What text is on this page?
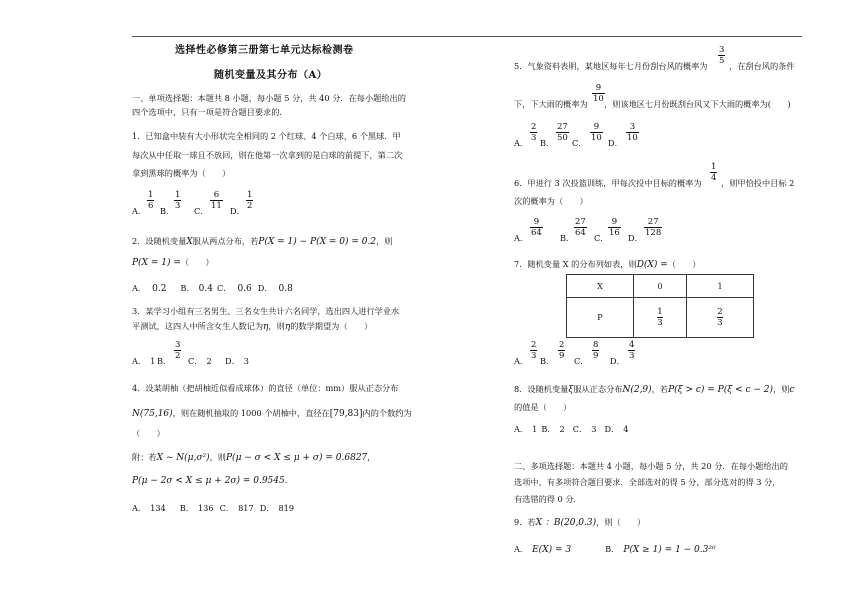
选择性必修第三册第七单元达标检测卷
随机变量及其分布（A）
一、单项选择题：本题共 8 小题，每小题 5 分，共 40 分．在每小题给出的
四个选项中，只有一项是符合题目要求的．
1．已知盒中装有大小形状完全相同的 2 个红球、4 个白球、6 个黑球．甲
每次从中任取一球且不放回，则在他第一次拿到的是白球的前提下，第二次
拿到黑球的概率为（　　）
A．
1
6 B．
1
3 C．
6
11 D．
1
2
2．设随机变量X服从两点分布，若P(X = 1) − P(X = 0) = 0.2，则
P(X = 1) =（　　）
A． 0.2 B． 0.4 C． 0.6 D． 0.8
3．某学习小组有三名男生、三名女生共计六名同学，选出四人进行学业水
平测试，这四人中所含女生人数记为η，则η的数学期望为（　　）
A． 1 B．
3
2 C． 2 D． 3
4．设某胡柚（把胡柚近似看成球体）的直径（单位：mm）服从正态分布
N(75,16)，则在随机抽取的 1000 个胡柚中，直径在[79,83]内的个数约为
（　　）
附：若X ~ N(μ,σ²)，则P(μ − σ < X ≤ μ + σ) = 0.6827，
P(μ − 2σ < X ≤ μ + 2σ) = 0.9545．
A． 134 B． 136 C． 817 D． 819
5．气象资料表明，某地区每年七月份刮台风的概率为
3
5 ，在刮台风的条件
下，下大雨的概率为
9
10 ，则该地区七月份既刮台风又下大雨的概率为(　　)
A．
2
3 B．
27
50 C．
9
10 D．
3
10
6．甲进行 3 次投篮训练，甲每次投中目标的概率为
1
4 ，则甲恰投中目标 2
次的概率为（　　）
A．
9
64 B．
27
64 C．
9
16 D．
27
128
7．随机变量 X 的分布列如表，则D(X) =（　　）
X	0	1
P	$\frac{1}{3}$	$\frac{2}{3}$
A．
2
3 B．
2
9 C．
8
9 D．
4
3
8．设随机变量ξ服从正态分布N(2,9)，若P(ξ > c) = P(ξ < c − 2)，则c
的值是（　　）
A． 1 B． 2 C． 3 D． 4
二、多项选择题：本题共 4 小题，每小题 5 分，共 20 分．在每小题给出的
选项中，有多项符合题目要求．全部选对的得 5 分，部分选对的得 3 分，
有选错的得 0 分．
9．若X ：B(20,0.3)，则（　　）
A． E(X) = 3	B． P(X ≥ 1) = 1 − 0.3²⁰
